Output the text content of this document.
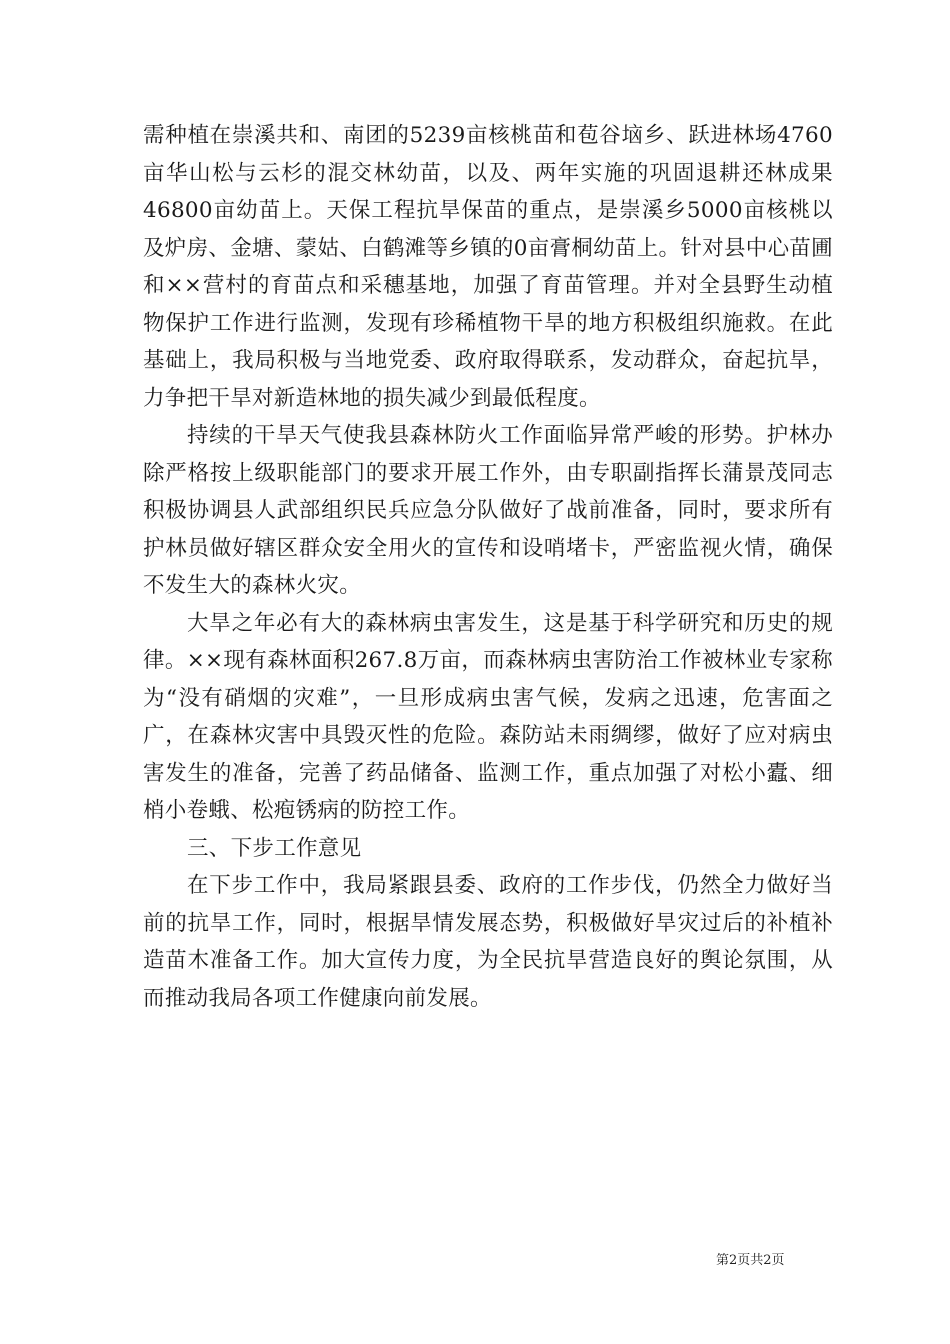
需种植在崇溪共和、南团的5239亩核桃苗和苞谷垴乡、跃进林场4760亩华山松与云杉的混交林幼苗，以及、两年实施的巩固退耕还林成果46800亩幼苗上。天保工程抗旱保苗的重点，是崇溪乡5000亩核桃以及炉房、金塘、蒙姑、白鹤滩等乡镇的0亩膏桐幼苗上。针对县中心苗圃和××营村的育苗点和采穗基地，加强了育苗管理。并对全县野生动植物保护工作进行监测，发现有珍稀植物干旱的地方积极组织施救。在此基础上，我局积极与当地党委、政府取得联系，发动群众，奋起抗旱，力争把干旱对新造林地的损失减少到最低程度。

持续的干旱天气使我县森林防火工作面临异常严峻的形势。护林办除严格按上级职能部门的要求开展工作外，由专职副指挥长蒲景茂同志积极协调县人武部组织民兵应急分队做好了战前准备，同时，要求所有护林员做好辖区群众安全用火的宣传和设哨堵卡，严密监视火情，确保不发生大的森林火灾。

大旱之年必有大的森林病虫害发生，这是基于科学研究和历史的规律。××现有森林面积267.8万亩，而森林病虫害防治工作被林业专家称为“没有硝烟的灾难”，一旦形成病虫害气候，发病之迅速，危害面之广，在森林灾害中具毁灭性的危险。森防站未雨绸缪，做好了应对病虫害发生的准备，完善了药品储备、监测工作，重点加强了对松小蠹、细梢小卷蛾、松疱锈病的防控工作。

三、下步工作意见

在下步工作中，我局紧跟县委、政府的工作步伐，仍然全力做好当前的抗旱工作，同时，根据旱情发展态势，积极做好旱灾过后的补植补造苗木准备工作。加大宣传力度，为全民抗旱营造良好的舆论氛围，从而推动我局各项工作健康向前发展。

第2页共2页
